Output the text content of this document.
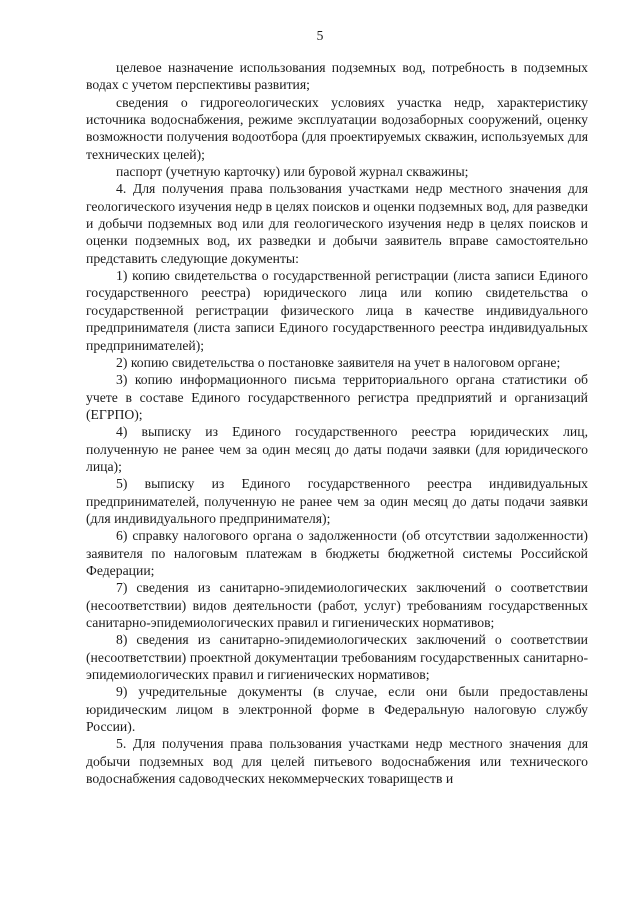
5

целевое назначение использования подземных вод, потребность в подземных водах с учетом перспективы развития;

сведения о гидрогеологических условиях участка недр, характеристику источника водоснабжения, режиме эксплуатации водозаборных сооружений, оценку возможности получения водоотбора (для проектируемых скважин, используемых для технических целей);

паспорт (учетную карточку) или буровой журнал скважины;

4. Для получения права пользования участками недр местного значения для геологического изучения недр в целях поисков и оценки подземных вод, для разведки и добычи подземных вод или для геологического изучения недр в целях поисков и оценки подземных вод, их разведки и добычи заявитель вправе самостоятельно представить следующие документы:

1) копию свидетельства о государственной регистрации (листа записи Единого государственного реестра) юридического лица или копию свидетельства о государственной регистрации физического лица в качестве индивидуального предпринимателя (листа записи Единого государственного реестра индивидуальных предпринимателей);

2) копию свидетельства о постановке заявителя на учет в налоговом органе;

3) копию информационного письма территориального органа статистики об учете в составе Единого государственного регистра предприятий и организаций (ЕГРПО);

4) выписку из Единого государственного реестра юридических лиц, полученную не ранее чем за один месяц до даты подачи заявки (для юридического лица);

5) выписку из Единого государственного реестра индивидуальных предпринимателей, полученную не ранее чем за один месяц до даты подачи заявки (для индивидуального предпринимателя);

6) справку налогового органа о задолженности (об отсутствии задолженности) заявителя по налоговым платежам в бюджеты бюджетной системы Российской Федерации;

7) сведения из санитарно-эпидемиологических заключений о соответствии (несоответствии) видов деятельности (работ, услуг) требованиям государственных санитарно-эпидемиологических правил и гигиенических нормативов;

8) сведения из санитарно-эпидемиологических заключений о соответствии (несоответствии) проектной документации требованиям государственных санитарно-эпидемиологических правил и гигиенических нормативов;

9) учредительные документы (в случае, если они были предоставлены юридическим лицом в электронной форме в Федеральную налоговую службу России).

5. Для получения права пользования участками недр местного значения для добычи подземных вод для целей питьевого водоснабжения или технического водоснабжения садоводческих некоммерческих товариществ и
